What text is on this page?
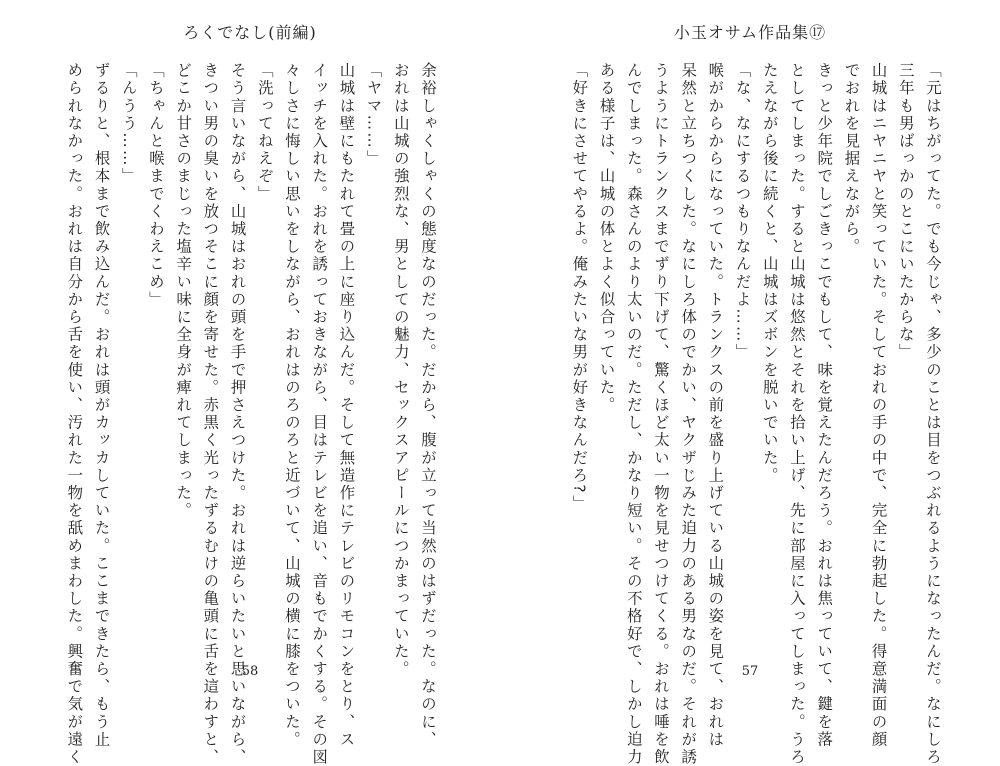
ろくでなし(前編)
余裕しゃくしゃくの態度なのだった。だから、腹が立って当然のはずだった。なのに、
おれは山城の強烈な、男としての魅力、セックスアピールにつかまっていた。
「ヤマ……」
山城は壁にもたれて畳の上に座り込んだ。そして無造作にテレビのリモコンをとり、ス
イッチを入れた。おれを誘っておきながら、目はテレビを追い、音もでかくする。その図
々しさに悔しい思いをしながら、おれはのろのろと近づいて、山城の横に膝をついた。
「洗ってねえぞ」
そう言いながら、山城はおれの頭を手で押さえつけた。おれは逆らいたいと思いながら、
きつい男の臭いを放つそこに顔を寄せた。赤黒く光ったずるむけの亀頭に舌を這わすと、
どこか甘さのまじった塩辛い味に全身が痺れてしまった。
「ちゃんと喉までくわえこめ」
「んうう……」
ずるりと、根本まで飲み込んだ。おれは頭がカッカしていた。ここまできたら、もう止
められなかった。おれは自分から舌を使い、汚れた一物を舐めまわした。興奮で気が遠く	58
小玉オサム作品集⑰
「元はちがってた。でも今じゃ、多少のことは目をつぶれるようになったんだ。なにしろ
三年も男ばっかのとこにいたからな」
山城はニヤニヤと笑っていた。そしておれの手の中で、完全に勃起した。得意満面の顔
でおれを見据えながら。
きっと少年院でしごきっこでもして、味を覚えたんだろう。おれは焦っていて、鍵を落
としてしまった。すると山城は悠然とそれを拾い上げ、先に部屋に入ってしまった。うろ
たえながら後に続くと、山城はズボンを脱いでいた。
「な、なにするつもりなんだよ……」
喉がからからになっていた。トランクスの前を盛り上げている山城の姿を見て、おれは
呆然と立ちつくした。なにしろ体のでかい、ヤクザじみた迫力のある男なのだ。それが誘
うようにトランクスまでずり下げて、驚くほど太い一物を見せつけてくる。おれは唾を飲
んでしまった。森さんのより太いのだ。ただし、かなり短い。その不格好で、しかし迫力
ある様子は、山城の体とよく似合っていた。
「好きにさせてやるよ。俺みたいな男が好きなんだろ?」
57
